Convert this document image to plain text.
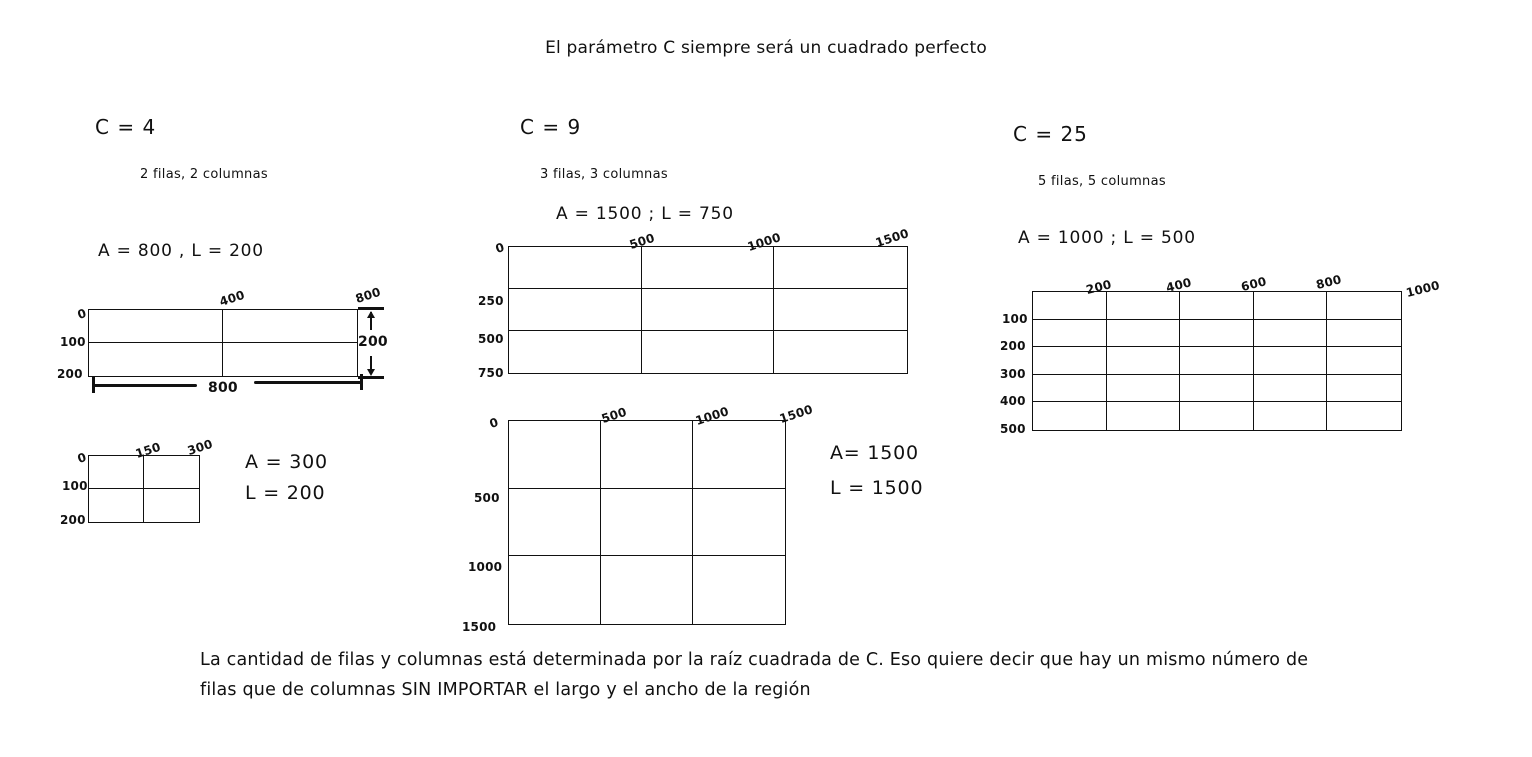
El parámetro C siempre será un cuadrado perfecto
C = 4
2 filas, 2 columnas
A = 800 , L = 200
0
400	800
100
200
200
800
0	150 300
100
200
A = 300
L = 200
C = 9
3 filas, 3 columnas
A = 1500 ; L = 750
0	500	1000	1500
250
500
750
0	500	1000	1500
500
1000
1500
A= 1500
L = 1500
C = 25
5 filas, 5 columnas
A = 1000 ; L = 500
200	400	600	800	1000
100
200
300
400
500
La cantidad de filas y columnas está determinada por la raíz cuadrada de C. Eso quiere decir que hay un mismo número de filas que de columnas SIN IMPORTAR el largo y el ancho de la región
